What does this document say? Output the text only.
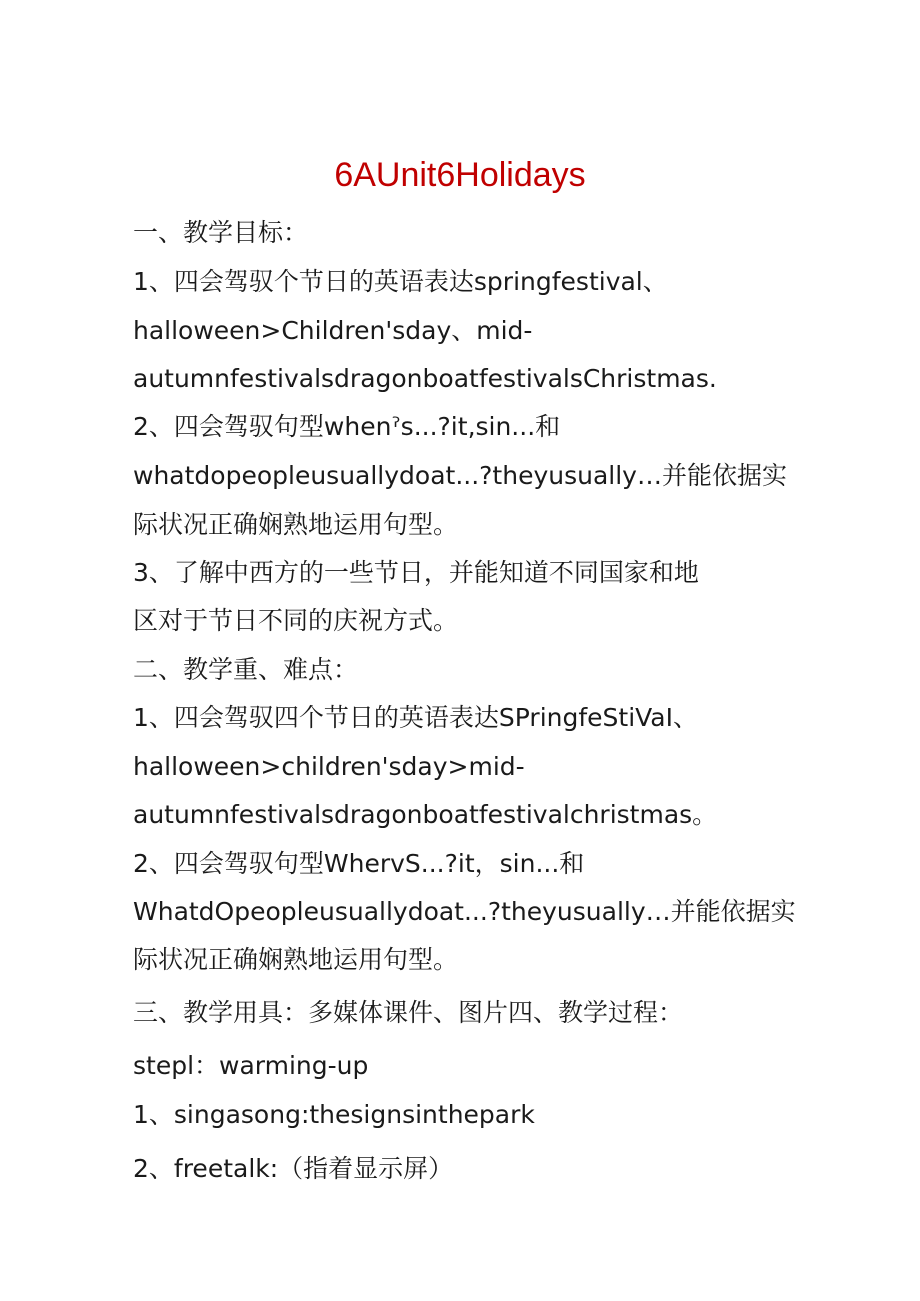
6AUnit6Holidays
一、教学目标：
1、四会驾驭个节日的英语表达springfestival、
halloween>Children'sday、mid-
autumnfestivalsdragonboatfestivalsChristmas.
2、四会驾驭句型whenˀs...?it‚sin...和
whatdopeopleusuallydoat...?theyusually…并能依据实
际状况正确娴熟地运用句型。
3、了解中西方的一些节日，并能知道不同国家和地
区对于节日不同的庆祝方式。
二、教学重、难点：
1、四会驾驭四个节日的英语表达SPringfeStiVaI、
halloween>children'sday>mid-
autumnfestivalsdragonboatfestivalchristmas。
2、四会驾驭句型WhervS...?it，sin...和
WhatdOpeopleusuallydoat...?theyusually…并能依据实
际状况正确娴熟地运用句型。
三、教学用具：多媒体课件、图片四、教学过程：
stepl：warming-up
1、singasong:thesignsinthepark
2、freetalk:（指着显示屏）
